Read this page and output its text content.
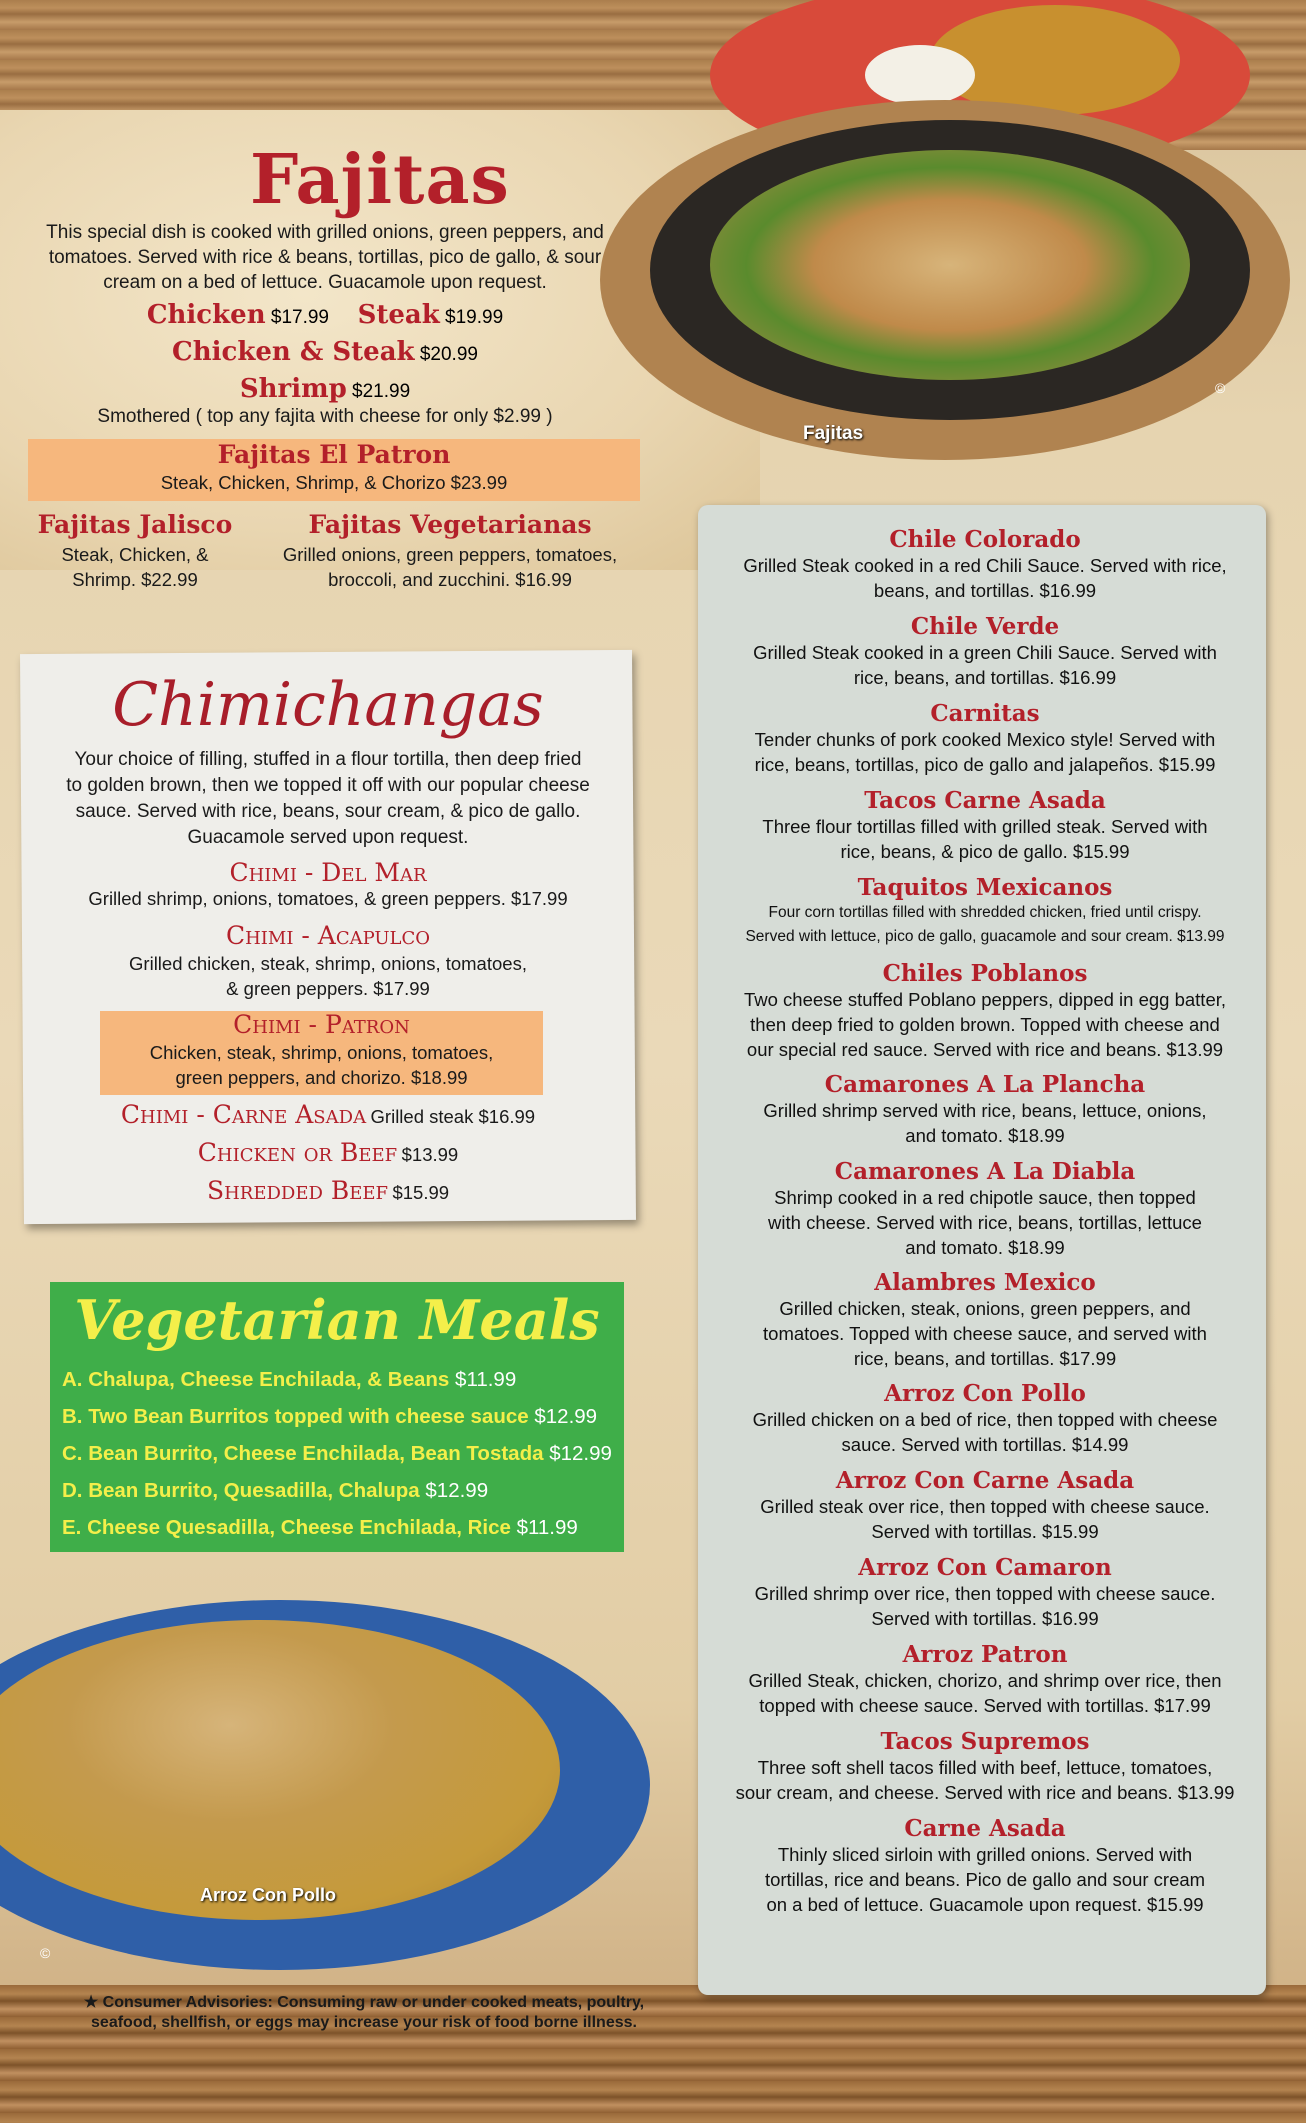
Fajitas
©
Fajitas
This special dish is cooked with grilled onions, green peppers, and
tomatoes. Served with rice & beans, tortillas, pico de gallo, & sour
cream on a bed of lettuce. Guacamole upon request.
Chicken $17.99 Steak $19.99
Chicken & Steak $20.99
Shrimp $21.99
Smothered ( top any fajita with cheese for only $2.99 )
Fajitas El Patron
Steak, Chicken, Shrimp, & Chorizo $23.99
Fajitas Jalisco
Steak, Chicken, &
Shrimp. $22.99
Fajitas Vegetarianas
Grilled onions, green peppers, tomatoes,
broccoli, and zucchini. $16.99
Chimichangas
Your choice of filling, stuffed in a flour tortilla, then deep fried
to golden brown, then we topped it off with our popular cheese
sauce. Served with rice, beans, sour cream, & pico de gallo.
Guacamole served upon request.
Chimi - Del Mar
Grilled shrimp, onions, tomatoes, & green peppers. $17.99
Chimi - Acapulco
Grilled chicken, steak, shrimp, onions, tomatoes,
& green peppers. $17.99
Chimi - Patron
Chicken, steak, shrimp, onions, tomatoes,
green peppers, and chorizo. $18.99
Chimi - Carne Asada Grilled steak $16.99
Chicken or Beef $13.99
Shredded Beef $15.99
Vegetarian Meals
A. Chalupa, Cheese Enchilada, & Beans $11.99
B. Two Bean Burritos topped with cheese sauce $12.99
C. Bean Burrito, Cheese Enchilada, Bean Tostada $12.99
D. Bean Burrito, Quesadilla, Chalupa $12.99
E. Cheese Quesadilla, Cheese Enchilada, Rice $11.99
Arroz Con Pollo
©
★ Consumer Advisories: Consuming raw or under cooked meats, poultry,
seafood, shellfish, or eggs may increase your risk of food borne illness.
Chile Colorado
Grilled Steak cooked in a red Chili Sauce. Served with rice,
beans, and tortillas. $16.99
Chile Verde
Grilled Steak cooked in a green Chili Sauce. Served with
rice, beans, and tortillas. $16.99
Carnitas
Tender chunks of pork cooked Mexico style! Served with
rice, beans, tortillas, pico de gallo and jalapeños. $15.99
Tacos Carne Asada
Three flour tortillas filled with grilled steak. Served with
rice, beans, & pico de gallo. $15.99
Taquitos Mexicanos
Four corn tortillas filled with shredded chicken, fried until crispy.
Served with lettuce, pico de gallo, guacamole and sour cream. $13.99
Chiles Poblanos
Two cheese stuffed Poblano peppers, dipped in egg batter,
then deep fried to golden brown. Topped with cheese and
our special red sauce. Served with rice and beans. $13.99
Camarones A La Plancha
Grilled shrimp served with rice, beans, lettuce, onions,
and tomato. $18.99
Camarones A La Diabla
Shrimp cooked in a red chipotle sauce, then topped
with cheese. Served with rice, beans, tortillas, lettuce
and tomato. $18.99
Alambres Mexico
Grilled chicken, steak, onions, green peppers, and
tomatoes. Topped with cheese sauce, and served with
rice, beans, and tortillas. $17.99
Arroz Con Pollo
Grilled chicken on a bed of rice, then topped with cheese
sauce. Served with tortillas. $14.99
Arroz Con Carne Asada
Grilled steak over rice, then topped with cheese sauce.
Served with tortillas. $15.99
Arroz Con Camaron
Grilled shrimp over rice, then topped with cheese sauce.
Served with tortillas. $16.99
Arroz Patron
Grilled Steak, chicken, chorizo, and shrimp over rice, then
topped with cheese sauce. Served with tortillas. $17.99
Tacos Supremos
Three soft shell tacos filled with beef, lettuce, tomatoes,
sour cream, and cheese. Served with rice and beans. $13.99
Carne Asada
Thinly sliced sirloin with grilled onions. Served with
tortillas, rice and beans. Pico de gallo and sour cream
on a bed of lettuce. Guacamole upon request. $15.99
